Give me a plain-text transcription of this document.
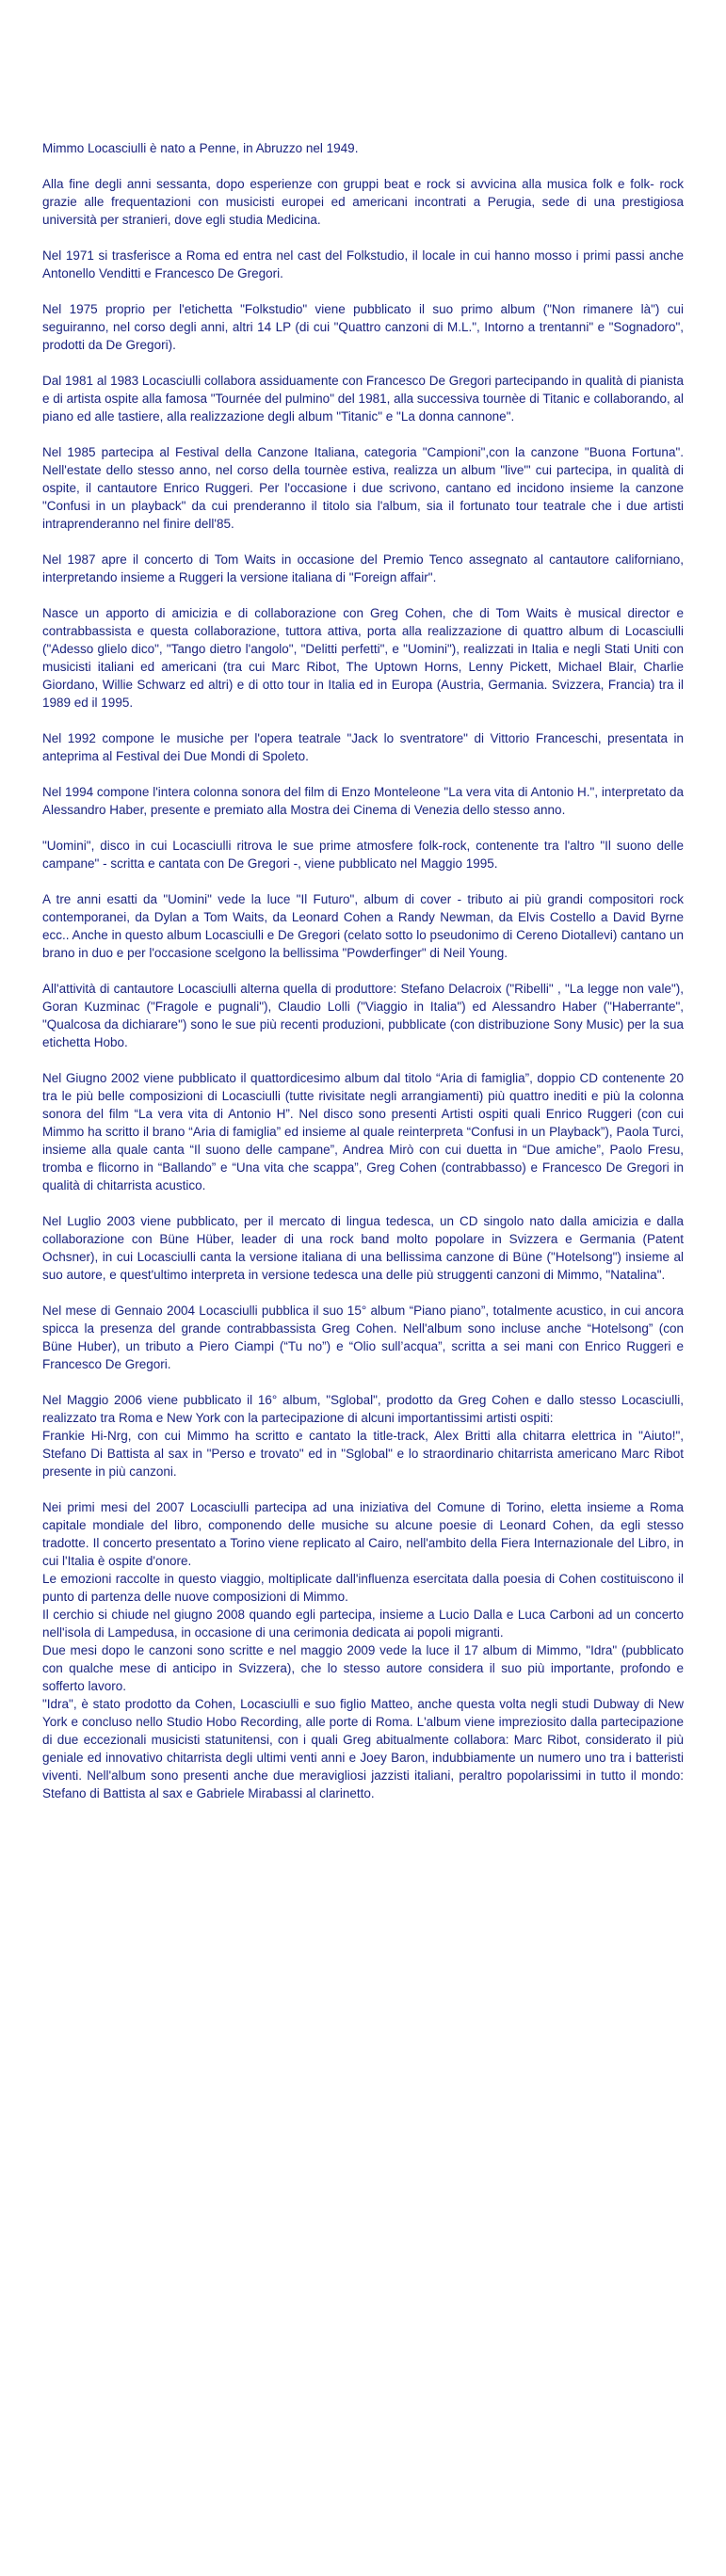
Mimmo Locasciulli è nato a Penne, in Abruzzo nel 1949.

Alla fine degli anni sessanta, dopo esperienze con gruppi beat e rock si avvicina alla musica folk e folk- rock grazie alle frequentazioni con musicisti europei ed americani incontrati a Perugia, sede di una prestigiosa università per stranieri, dove egli studia Medicina.

Nel 1971 si trasferisce a Roma ed entra nel cast del Folkstudio, il locale in cui hanno mosso i primi passi anche Antonello Venditti e Francesco De Gregori.

Nel 1975 proprio per l'etichetta "Folkstudio" viene pubblicato il suo primo album ("Non rimanere là") cui seguiranno, nel corso degli anni, altri 14 LP (di cui "Quattro canzoni di M.L.", Intorno a trentanni" e "Sognadoro", prodotti da De Gregori).

Dal 1981 al 1983 Locasciulli collabora assiduamente con Francesco De Gregori partecipando in qualità di pianista e di artista ospite alla famosa "Tournée del pulmino" del 1981, alla successiva tournèe di Titanic e collaborando, al piano ed alle tastiere, alla realizzazione degli album "Titanic" e "La donna cannone".

Nel 1985 partecipa al Festival della Canzone Italiana, categoria "Campioni",con la canzone "Buona Fortuna". Nell'estate dello stesso anno, nel corso della tournèe estiva, realizza un album "live"' cui partecipa, in qualità di ospite, il cantautore Enrico Ruggeri. Per l'occasione i due scrivono, cantano ed incidono insieme la canzone "Confusi in un playback" da cui prenderanno il titolo sia l'album, sia il fortunato tour teatrale che i due artisti intraprenderanno nel finire dell'85.

Nel 1987 apre il concerto di Tom Waits in occasione del Premio Tenco assegnato al cantautore californiano, interpretando insieme a Ruggeri la versione italiana di "Foreign affair".

Nasce un apporto di amicizia e di collaborazione con Greg Cohen, che di Tom Waits è musical director e contrabbassista e questa collaborazione, tuttora attiva, porta alla realizzazione di quattro album di Locasciulli ("Adesso glielo dico", "Tango dietro l'angolo", "Delitti perfetti", e "Uomini"), realizzati in Italia e negli Stati Uniti con musicisti italiani ed americani (tra cui Marc Ribot, The Uptown Horns, Lenny Pickett, Michael Blair, Charlie Giordano, Willie Schwarz ed altri) e di otto tour in Italia ed in Europa (Austria, Germania. Svizzera, Francia) tra il 1989 ed il 1995.

Nel 1992 compone le musiche per l'opera teatrale "Jack lo sventratore" di Vittorio Franceschi, presentata in anteprima al Festival dei Due Mondi di Spoleto.

Nel 1994 compone l'intera colonna sonora del film di Enzo Monteleone "La vera vita di Antonio H.", interpretato da Alessandro Haber, presente e premiato alla Mostra dei Cinema di Venezia dello stesso anno.

"Uomini", disco in cui Locasciulli ritrova le sue prime atmosfere folk-rock, contenente tra l'altro "Il suono delle campane" - scritta e cantata con De Gregori -, viene pubblicato nel Maggio 1995.

A tre anni esatti da "Uomini" vede la luce "Il Futuro", album di cover - tributo ai più grandi compositori rock contemporanei, da Dylan a Tom Waits, da Leonard Cohen a Randy Newman, da Elvis Costello a David Byrne ecc.. Anche in questo album Locasciulli e De Gregori (celato sotto lo pseudonimo di Cereno Diotallevi) cantano un brano in duo e per l'occasione scelgono la bellissima "Powderfinger" di Neil Young.

All'attività di cantautore Locasciulli alterna quella di produttore: Stefano Delacroix ("Ribelli" , "La legge non vale"), Goran Kuzminac ("Fragole e pugnali"), Claudio Lolli ("Viaggio in Italia") ed Alessandro Haber ("Haberrante", "Qualcosa da dichiarare") sono le sue più recenti produzioni, pubblicate (con distribuzione Sony Music) per la sua etichetta Hobo.

Nel Giugno 2002 viene pubblicato il quattordicesimo album dal titolo “Aria di famiglia”, doppio CD contenente 20 tra le più belle composizioni di Locasciulli (tutte rivisitate negli arrangiamenti) più quattro inediti e più la colonna sonora del film “La vera vita di Antonio H”. Nel disco sono presenti Artisti ospiti quali Enrico Ruggeri (con cui Mimmo ha scritto il brano “Aria di famiglia” ed insieme al quale reinterpreta “Confusi in un Playback”), Paola Turci, insieme alla quale canta “Il suono delle campane”, Andrea Mirò con cui duetta in “Due amiche”, Paolo Fresu, tromba e flicorno in “Ballando” e “Una vita che scappa”, Greg Cohen (contrabbasso) e Francesco De Gregori in qualità di chitarrista acustico.

Nel Luglio 2003 viene pubblicato, per il mercato di lingua tedesca, un CD singolo nato dalla amicizia e dalla collaborazione con Büne Hüber, leader di una rock band molto popolare in Svizzera e Germania (Patent Ochsner), in cui Locasciulli canta la versione italiana di una bellissima canzone di Büne ("Hotelsong") insieme al suo autore, e quest'ultimo interpreta in versione tedesca una delle più struggenti canzoni di Mimmo, "Natalina".

Nel mese di Gennaio 2004 Locasciulli pubblica il suo 15° album “Piano piano”, totalmente acustico, in cui ancora spicca la presenza del grande contrabbassista Greg Cohen. Nell'album sono incluse anche “Hotelsong” (con Büne Huber), un tributo a Piero Ciampi (“Tu no”) e “Olio sull’acqua”, scritta a sei mani con Enrico Ruggeri e Francesco De Gregori.

Nel Maggio 2006 viene pubblicato il 16° album, "Sglobal", prodotto da Greg Cohen e dallo stesso Locasciulli, realizzato tra Roma e New York con la partecipazione di alcuni importantissimi artisti ospiti:

Frankie Hi-Nrg, con cui Mimmo ha scritto e cantato la title-track, Alex Britti alla chitarra elettrica in "Aiuto!", Stefano Di Battista al sax in "Perso e trovato" ed in "Sglobal" e lo straordinario chitarrista americano Marc Ribot presente in più canzoni.

Nei primi mesi del 2007 Locasciulli partecipa ad una iniziativa del Comune di Torino, eletta insieme a Roma capitale mondiale del libro, componendo delle musiche su alcune poesie di Leonard Cohen, da egli stesso tradotte. Il concerto presentato a Torino viene replicato al Cairo, nell'ambito della Fiera Internazionale del Libro, in cui l'Italia è ospite d'onore.

Le emozioni raccolte in questo viaggio, moltiplicate dall'influenza esercitata dalla poesia di Cohen costituiscono il punto di partenza delle nuove composizioni di Mimmo.

Il cerchio si chiude nel giugno 2008 quando egli partecipa, insieme a Lucio Dalla e Luca Carboni ad un concerto nell'isola di Lampedusa, in occasione di una cerimonia dedicata ai popoli migranti.

Due mesi dopo le canzoni sono scritte e nel maggio 2009 vede la luce il 17 album di Mimmo, "Idra" (pubblicato con qualche mese di anticipo in Svizzera), che lo stesso autore considera il suo più importante, profondo e sofferto lavoro.

"Idra", è stato prodotto da Cohen, Locasciulli e suo figlio Matteo, anche questa volta negli studi Dubway di New York e concluso nello Studio Hobo Recording, alle porte di Roma. L'album viene impreziosito dalla partecipazione di due eccezionali musicisti statunitensi, con i quali Greg abitualmente collabora: Marc Ribot, considerato il più geniale ed innovativo chitarrista degli ultimi venti anni e Joey Baron, indubbiamente un numero uno tra i batteristi viventi. Nell'album sono presenti anche due meravigliosi jazzisti italiani, peraltro popolarissimi in tutto il mondo: Stefano di Battista al sax e Gabriele Mirabassi al clarinetto.
